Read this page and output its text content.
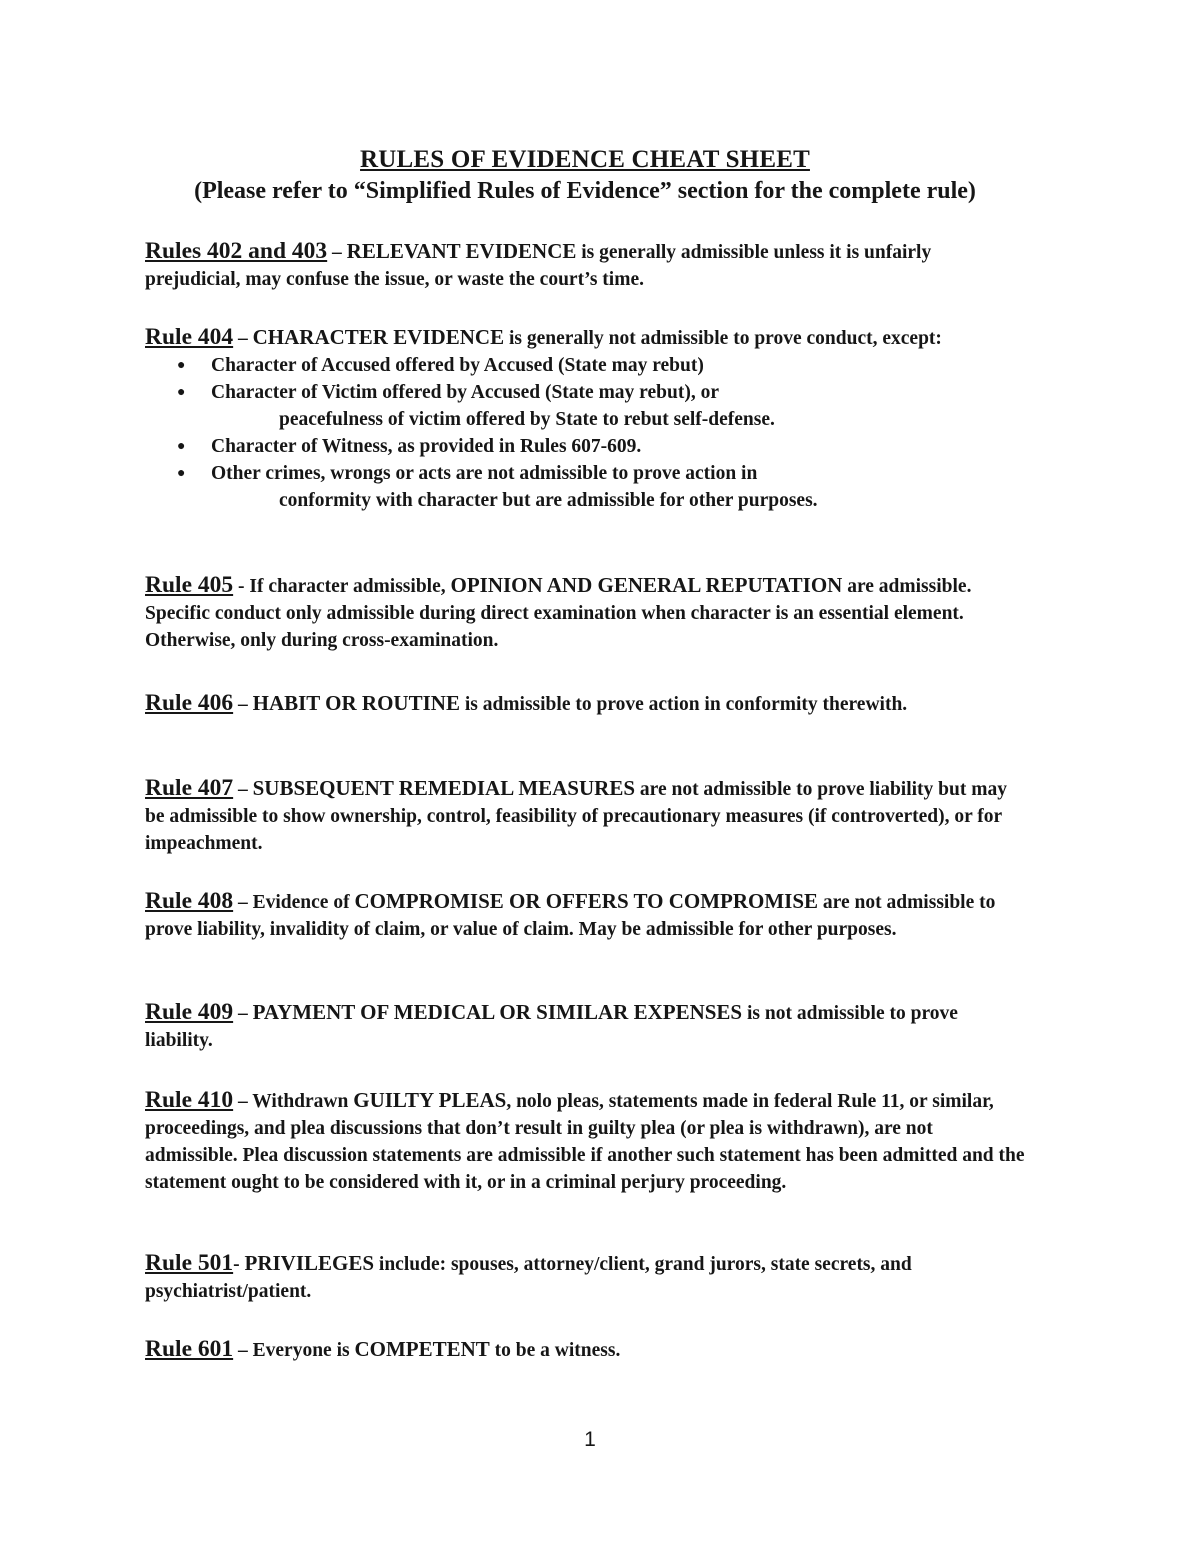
RULES OF EVIDENCE CHEAT SHEET
(Please refer to “Simplified Rules of Evidence” section for the complete rule)
Rules 402 and 403 – RELEVANT EVIDENCE is generally admissible unless it is unfairly prejudicial, may confuse the issue, or waste the court’s time.
Rule 404 – CHARACTER EVIDENCE is generally not admissible to prove conduct, except:
● Character of Accused offered by Accused (State may rebut)
● Character of Victim offered by Accused (State may rebut), or
peacefulness of victim offered by State to rebut self-defense.
● Character of Witness, as provided in Rules 607-609.
● Other crimes, wrongs or acts are not admissible to prove action in
conformity with character but are admissible for other purposes.
Rule 405 - If character admissible, OPINION AND GENERAL REPUTATION are admissible. Specific conduct only admissible during direct examination when character is an essential element. Otherwise, only during cross-examination.
Rule 406 – HABIT OR ROUTINE is admissible to prove action in conformity therewith.
Rule 407 – SUBSEQUENT REMEDIAL MEASURES are not admissible to prove liability but may be admissible to show ownership, control, feasibility of precautionary measures (if controverted), or for impeachment.
Rule 408 – Evidence of COMPROMISE OR OFFERS TO COMPROMISE are not admissible to prove liability, invalidity of claim, or value of claim. May be admissible for other purposes.
Rule 409 – PAYMENT OF MEDICAL OR SIMILAR EXPENSES is not admissible to prove liability.
Rule 410 – Withdrawn GUILTY PLEAS, nolo pleas, statements made in federal Rule 11, or similar, proceedings, and plea discussions that don’t result in guilty plea (or plea is withdrawn), are not admissible. Plea discussion statements are admissible if another such statement has been admitted and the statement ought to be considered with it, or in a criminal perjury proceeding.
Rule 501- PRIVILEGES include: spouses, attorney/client, grand jurors, state secrets, and psychiatrist/patient.
Rule 601 – Everyone is COMPETENT to be a witness.
1
